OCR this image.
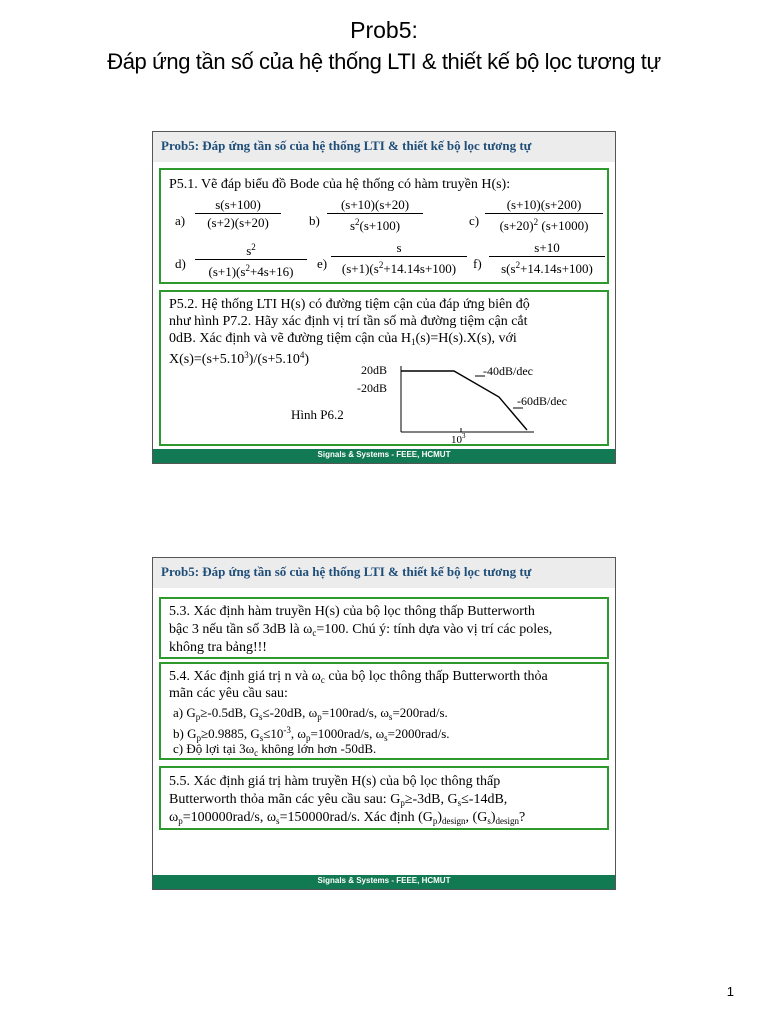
Prob5:
Đáp ứng tần số của hệ thống LTI & thiết kế bộ lọc tương tự
Prob5: Đáp ứng tần số của hệ thống LTI & thiết kế bộ lọc tương tự
P5.1. Vẽ đáp biểu đồ Bode của hệ thống có hàm truyền H(s):
$a) \frac{s(s+100)}{(s+2)(s+20)} b) \frac{(s+10)(s+20)}{s^2(s+100)}$	$c) \frac{(s+10)(s+200)}{(s+20)^2 (s+1000)}$
$d) \frac{s^2}{(s+1)(s^2+4s+16)} e) \frac{s}{(s+1)(s^2+14.14s+100)} f) \frac{s+10}{s(s^2+14.14s+100)}$
P5.2. Hệ thống LTI H(s) có đường tiệm cận của đáp ứng biên độ
như hình P7.2. Hãy xác định vị trí tần số mà đường tiệm cận cắt
0dB. Xác định và vẽ đường tiệm cận của $H_1(s)=H(s).X(s)$, với
$X(s)=(s+5.10^3)/(s+5.10^4)$
Hình P6.2
20dB
-20dB
-40dB/dec
-60dB/dec
$10^3$
Signals & Systems - FEEE, HCMUT
Prob5: Đáp ứng tần số của hệ thống LTI & thiết kế bộ lọc tương tự
5.3. Xác định hàm truyền H(s) của bộ lọc thông thấp Butterworth
bậc 3 nếu tần số 3dB là $\omega_c=100$. Chú ý: tính dựa vào vị trí các poles,
không tra bảng!!!
5.4. Xác định giá trị n và $\omega_c$ của bộ lọc thông thấp Butterworth thỏa
mãn các yêu cầu sau:
a) $G_p\ge-0.5dB$, $G_s\le-20dB$, $\omega_p=100rad/s$, $\omega_s=200rad/s$.
b) $G_p\ge 0.9885$, $G_s\le 10^{-3}$, $\omega_p=1000rad/s$, $\omega_s=2000rad/s$.
c) Độ lợi tại $3\omega_c$ không lớn hơn -50dB.
5.5. Xác định giá trị hàm truyền H(s) của bộ lọc thông thấp
Butterworth thỏa mãn các yêu cầu sau: $G_p\ge-3dB$, $G_s\le-14dB$,
$\omega_p=100000rad/s$, $\omega_s=150000rad/s$. Xác định $(G_p)_{design}$, $(G_s)_{design}$?
Signals & Systems - FEEE, HCMUT
1
